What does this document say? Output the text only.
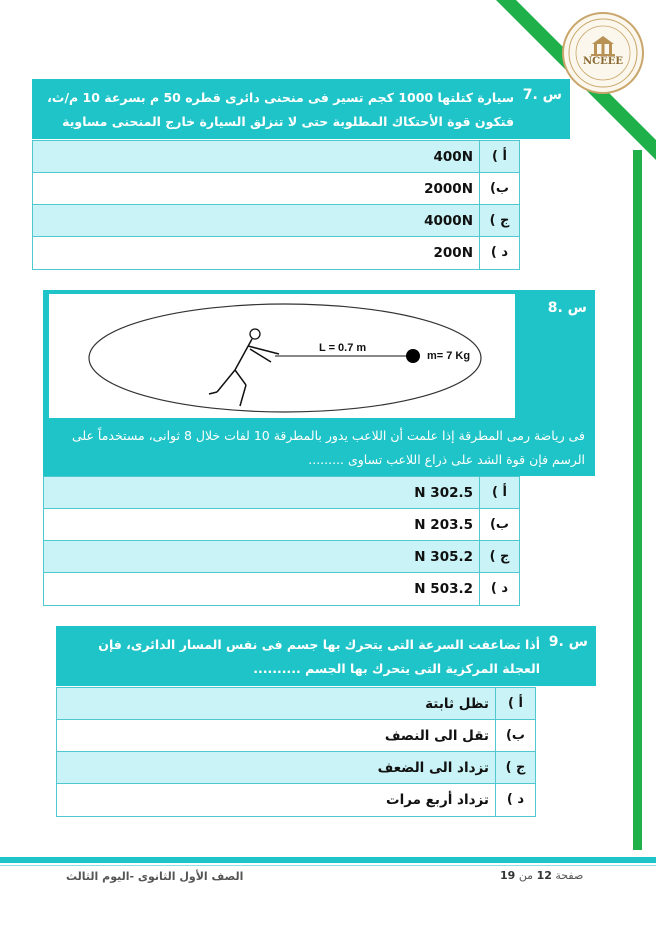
NCEEE
س .7
سيارة كتلتها 1000 كجم تسير فى منحنى دائرى قطره 50 م بسرعة 10 م/ث، فتكون قوة الأحتكاك المطلوبة حتى لا تنزلق السيارة خارج المنحنى مساوية
أ )
400N
ب)
2000N
ج )
4000N
د )
200N
س .8
فى رياضة رمى المطرقة إذا علمت أن اللاعب يدور بالمطرقة 10 لفات خلال 8 ثوانى، مستخدماً على الرسم فإن قوة الشد على ذراع اللاعب تساوى .........
L = 0.7 m
m= 7 Kg
أ )
302.5 N
ب)
203.5 N
ج )
305.2 N
د )
503.2 N
س .9
أذا تضاعفت السرعة التى يتحرك بها جسم فى نفس المسار الدائرى، فإن العجلة المركزية التى يتحرك بها الجسم ..........
أ )
تظل ثابتة
ب)
تقل الى النصف
ج )
تزداد الى الضعف
د )
تزداد أربع مرات
الصف الأول الثانوى -اليوم الثالث	صفحة 12 من 19
